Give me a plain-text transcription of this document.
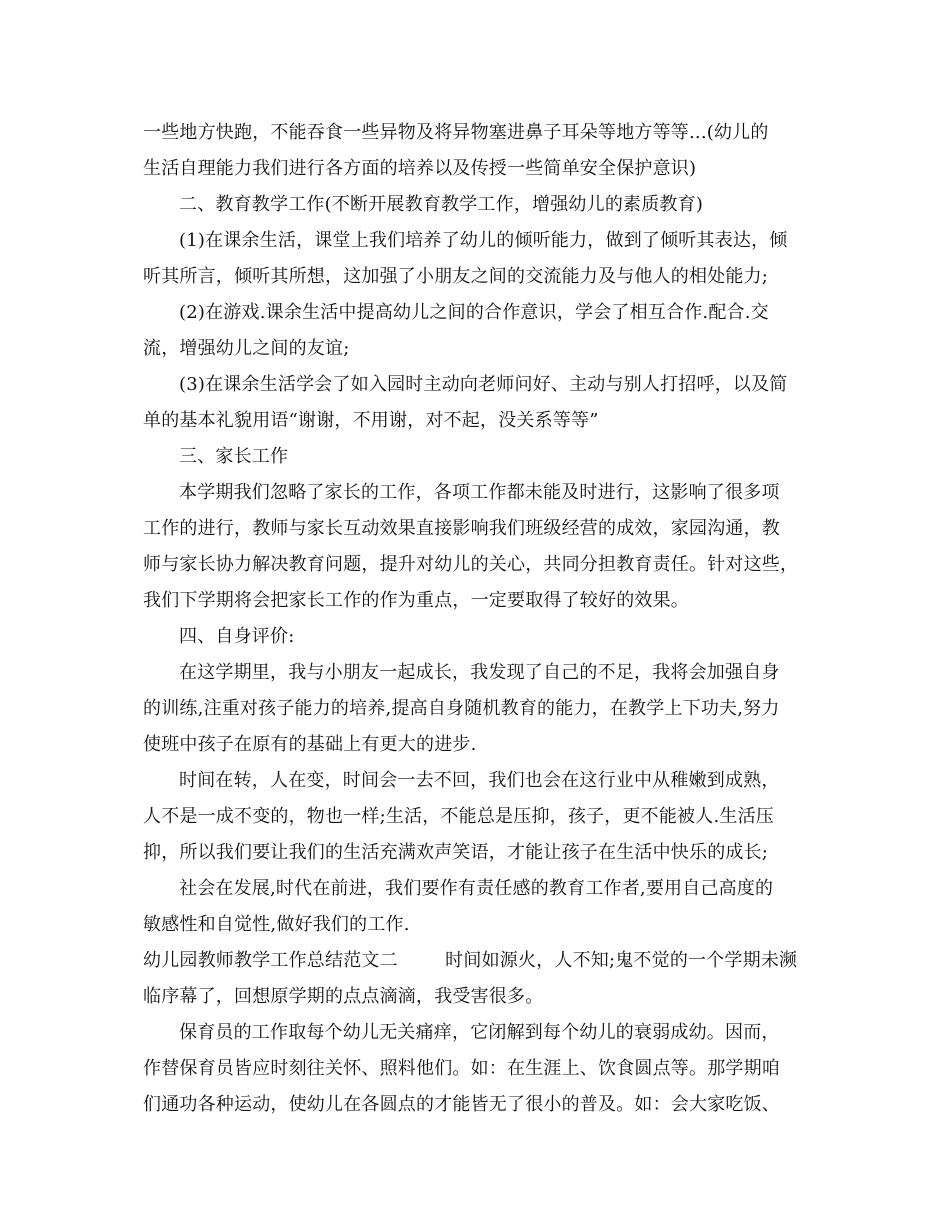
一些地方快跑，不能吞食一些异物及将异物塞进鼻子耳朵等地方等等...(幼儿的
生活自理能力我们进行各方面的培养以及传授一些简单安全保护意识)
二、教育教学工作(不断开展教育教学工作，增强幼儿的素质教育)
(1)在课余生活，课堂上我们培养了幼儿的倾听能力，做到了倾听其表达，倾
听其所言，倾听其所想，这加强了小朋友之间的交流能力及与他人的相处能力;
(2)在游戏.课余生活中提高幼儿之间的合作意识，学会了相互合作.配合.交
流，增强幼儿之间的友谊;
(3)在课余生活学会了如入园时主动向老师问好、主动与别人打招呼，以及简
单的基本礼貌用语“谢谢，不用谢，对不起，没关系等等”
三、家长工作
本学期我们忽略了家长的工作，各项工作都未能及时进行，这影响了很多项
工作的进行，教师与家长互动效果直接影响我们班级经营的成效，家园沟通，教
师与家长协力解决教育问题，提升对幼儿的关心，共同分担教育责任。针对这些，
我们下学期将会把家长工作的作为重点，一定要取得了较好的效果。
四、自身评价:
在这学期里，我与小朋友一起成长，我发现了自己的不足，我将会加强自身
的训练,注重对孩子能力的培养,提高自身随机教育的能力，在教学上下功夫,努力
使班中孩子在原有的基础上有更大的进步.
时间在转，人在变，时间会一去不回，我们也会在这行业中从稚嫩到成熟，
人不是一成不变的，物也一样;生活，不能总是压抑，孩子，更不能被人.生活压
抑，所以我们要让我们的生活充满欢声笑语，才能让孩子在生活中快乐的成长;
社会在发展,时代在前进，我们要作有责任感的教育工作者,要用自己高度的
敏感性和自觉性,做好我们的工作.
幼儿园教师教学工作总结范文二        时间如源火，人不知;鬼不觉的一个学期未濒
临序幕了，回想原学期的点点滴滴，我受害很多。
保育员的工作取每个幼儿无关痛痒，它闭解到每个幼儿的衰弱成幼。因而，
作替保育员皆应时刻往关怀、照料他们。如：在生涯上、饮食圆点等。那学期咱
们通功各种运动，使幼儿在各圆点的才能皆无了很小的普及。如：会大家吃饭、
